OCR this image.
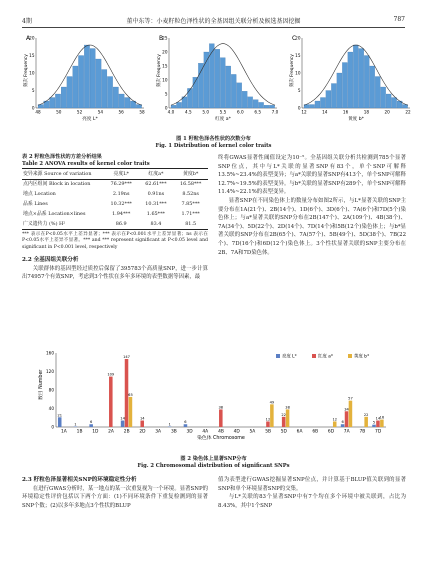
4期	董中东等：小麦籽粒色泽性状的全基因组关联分析及候选基因挖掘	787
A
频次 Frequency
0
5
10
15
20
48	50	52	54	56	58
亮度 L*
B
频次 Frequency
0
5
10
15
20
25
4.0	4.5	5.0	5.5	6.0	6.5	7.0
红度 a*
C
频次 Frequency
0
5
10
15
20
12	14	16	18	20	22
黄度 b*
图 1 籽粒色泽各性状的次数分布
Fig. 1 Distribution of kernel color traits
表 2 籽粒色泽性状的方差分析结果
Table 2 ANOVA results of kernel color traits
变异来源 Source of variation	亮度L*	红度a*	黄度b*
点内区组间 Block in location	76.29***	62.61***	16.58***
地点 Location	2.19ns	0.91ns	8.52ns
品系 Lines	10.32***	10.31***	7.85***
地点×品系 Location×lines	1.94***	1.65***	1.71***
广义遗传力 (%) H²	86.9	83.4	81.5
*** 表示在P<0.05水平上差异显著；*** 表示在P<0.001水平上差异显著；ns 表示在P<0.05水平上差异不显著。*** and *** represent significant at P<0.05 level and significant in P<0.001 level, respectively
2.2 全基因组关联分析
关联群体的基因型经过质控后保留了395783个高质量SNP，进一步计算出74957个有效SNP，考虑到3个性状在多年多环境的表型数据等因素，最
终将GWAS显著性阈值设定为10⁻⁵。全基因组关联分析共检测到785个显著SNP位点，其中与L*关联的显著SNP有83个，单个SNP可解释13.5%~23.4%的表型变异；与a*关联的显著SNP有413个，单个SNP可解释12.7%~19.5%的表型变异。与b*关联的显著SNP有289个，单个SNP可解释11.4%~22.1%的表型变异。
显著SNP在不同染色体上的数量分布如图2所示，与L*显著关联的SNP主要分布在1A(21个)、2B(14个)、1D(6个)、3D(6个)、7A(6个)和7D(5个)染色体上；与a*显著关联的SNP分布在2B(147个)、2A(109个)、4B(38个)、7A(34个)、5D(22个)、2D(14个)、7D(14个)和5B(12个)染色体上；与b*显著关联的SNP分布在2B(65个)、7A(57个)、5B(49个)、5D(38个)、7B(22个)、7D(16个)和6D(12个)染色体上。3个性状显著关联的SNP主要分布在2B、7A和7D染色体。
数目 Number
0
40
80
120
160
21
1A
1
1B
6
1D
109
2A
14
147
65
2B
14
2D 3A
1
3B
6
3D 4A
38
4B 4D 5A
12
49
5B
22
38
5D 6A 6B
12
6D
6
34
57
7A
22
7B
5
14 16
7D
染色体 Chromosome
亮度 L*	红度 a*	黄度 b*
图 2 染色体上显著SNP分布
Fig. 2 Chromosomal distribution of significant SNPs
2.3 籽粒色泽显著相关SNP的环境稳定性分析
在进行GWAS分析时，某一地点的某一次重复视为一个环境。显著SNP的环境稳定性评价包括以下两个方面：(1)不同环境条件下重复检测到的显著SNP个数；(2)以多年多地点3个性状的BLUP
值为表型进行GWAS挖掘显著SNP位点，并计算基于BLUP值关联到的显著SNP和单个环境显著SNP的交集。
与L*关联的83个显著SNP中有7个均在多个环境中被关联到，占比为8.43%，其中1个SNP
